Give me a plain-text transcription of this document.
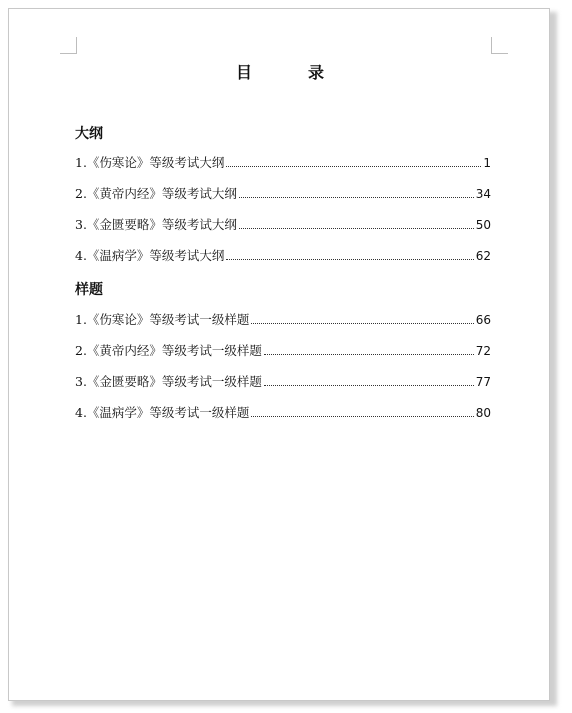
目　录
大纲
1.《伤寒论》等级考试大纲	1
2.《黄帝内经》等级考试大纲	34
3.《金匮要略》等级考试大纲	50
4.《温病学》等级考试大纲	62
样题
1.《伤寒论》等级考试一级样题	66
2.《黄帝内经》等级考试一级样题	72
3.《金匮要略》等级考试一级样题	77
4.《温病学》等级考试一级样题	80
